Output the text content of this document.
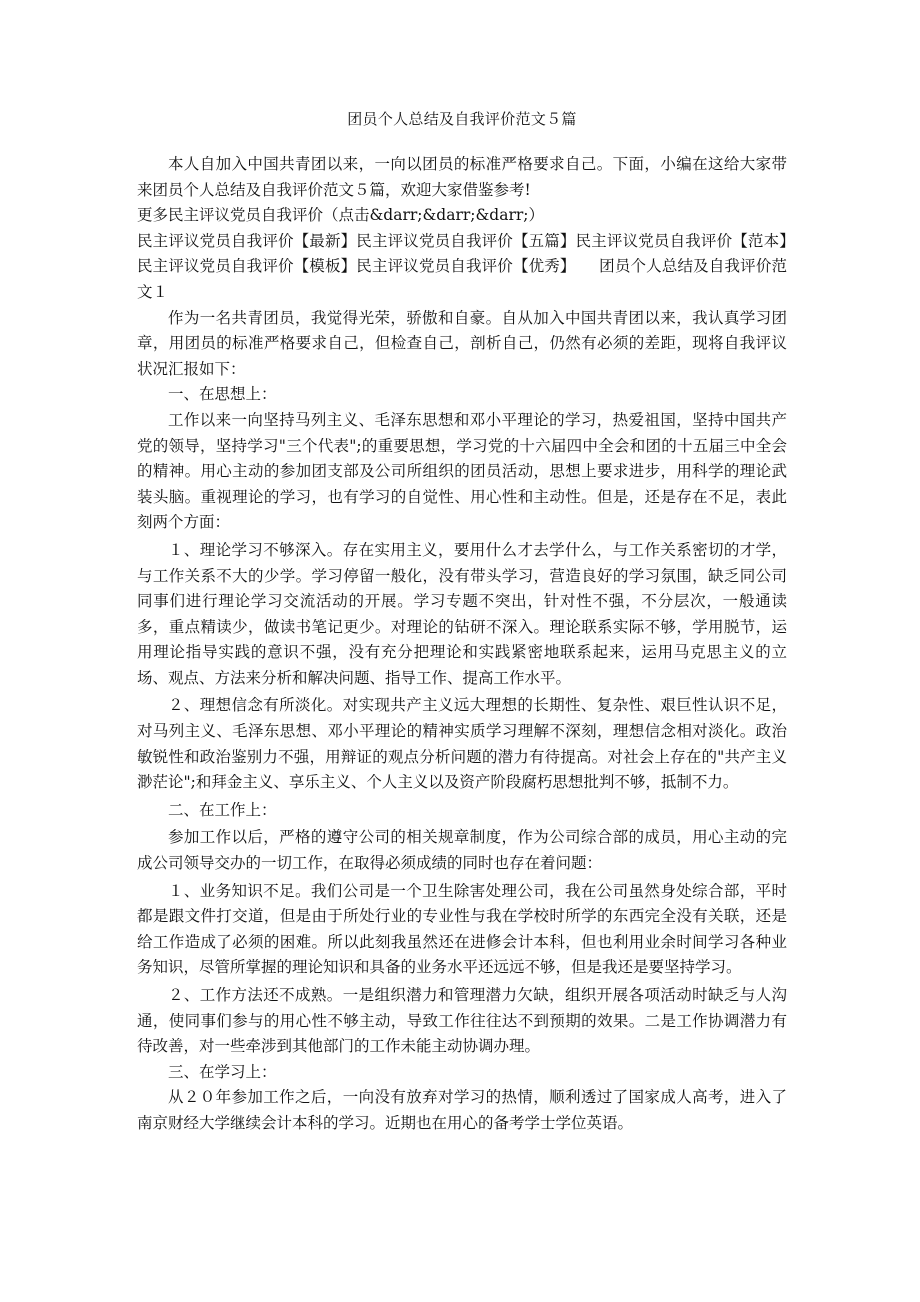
团员个人总结及自我评价范文５篇
本人自加入中国共青团以来，一向以团员的标准严格要求自己。下面，小编在这给大家带来团员个人总结及自我评价范文５篇，欢迎大家借鉴参考!
更多民主评议党员自我评价（点击&darr;&darr;&darr;）
民主评议党员自我评价【最新】民主评议党员自我评价【五篇】民主评议党员自我评价【范本】民主评议党员自我评价【模板】民主评议党员自我评价【优秀】　　团员个人总结及自我评价范文１
作为一名共青团员，我觉得光荣，骄傲和自豪。自从加入中国共青团以来，我认真学习团章，用团员的标准严格要求自己，但检查自己，剖析自己，仍然有必须的差距，现将自我评议状况汇报如下：
一、在思想上：
工作以来一向坚持马列主义、毛泽东思想和邓小平理论的学习，热爱祖国，坚持中国共产党的领导，坚持学习"三个代表";的重要思想，学习党的十六届四中全会和团的十五届三中全会的精神。用心主动的参加团支部及公司所组织的团员活动，思想上要求进步，用科学的理论武装头脑。重视理论的学习，也有学习的自觉性、用心性和主动性。但是，还是存在不足，表此刻两个方面：
１、理论学习不够深入。存在实用主义，要用什么才去学什么，与工作关系密切的才学，与工作关系不大的少学。学习停留一般化，没有带头学习，营造良好的学习氛围，缺乏同公司同事们进行理论学习交流活动的开展。学习专题不突出，针对性不强，不分层次，一般通读多，重点精读少，做读书笔记更少。对理论的钻研不深入。理论联系实际不够，学用脱节，运用理论指导实践的意识不强，没有充分把理论和实践紧密地联系起来，运用马克思主义的立场、观点、方法来分析和解决问题、指导工作、提高工作水平。
２、理想信念有所淡化。对实现共产主义远大理想的长期性、复杂性、艰巨性认识不足，对马列主义、毛泽东思想、邓小平理论的精神实质学习理解不深刻，理想信念相对淡化。政治敏锐性和政治鉴别力不强，用辩证的观点分析问题的潜力有待提高。对社会上存在的"共产主义渺茫论";和拜金主义、享乐主义、个人主义以及资产阶段腐朽思想批判不够，抵制不力。
二、在工作上：
参加工作以后，严格的遵守公司的相关规章制度，作为公司综合部的成员，用心主动的完成公司领导交办的一切工作，在取得必须成绩的同时也存在着问题：
１、业务知识不足。我们公司是一个卫生除害处理公司，我在公司虽然身处综合部，平时都是跟文件打交道，但是由于所处行业的专业性与我在学校时所学的东西完全没有关联，还是给工作造成了必须的困难。所以此刻我虽然还在进修会计本科，但也利用业余时间学习各种业务知识，尽管所掌握的理论知识和具备的业务水平还远远不够，但是我还是要坚持学习。
２、工作方法还不成熟。一是组织潜力和管理潜力欠缺，组织开展各项活动时缺乏与人沟通，使同事们参与的用心性不够主动，导致工作往往达不到预期的效果。二是工作协调潜力有待改善，对一些牵涉到其他部门的工作未能主动协调办理。
三、在学习上：
从２０年参加工作之后，一向没有放弃对学习的热情，顺利透过了国家成人高考，进入了南京财经大学继续会计本科的学习。近期也在用心的备考学士学位英语。
